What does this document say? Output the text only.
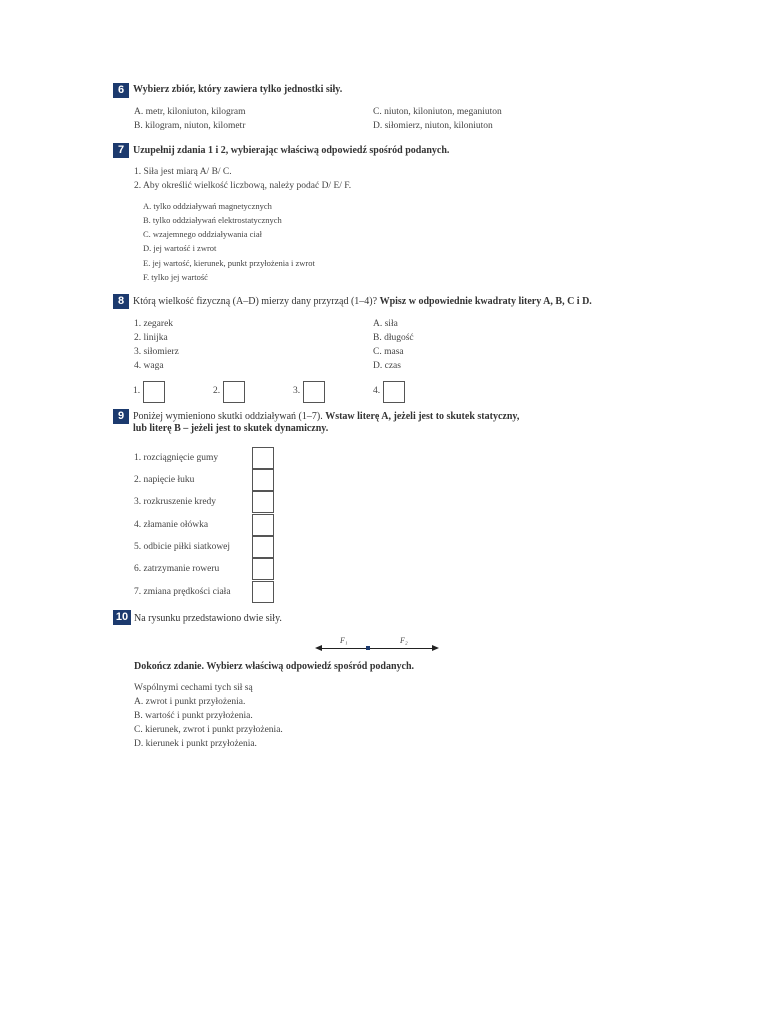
6 Wybierz zbiór, który zawiera tylko jednostki siły.
A. metr, kiloniuton, kilogram
B. kilogram, niuton, kilometr
C. niuton, kiloniuton, meganiuton
D. siłomierz, niuton, kiloniuton
7 Uzupełnij zdania 1 i 2, wybierając właściwą odpowiedź spośród podanych.
1. Siła jest miarą A/ B/ C.
2. Aby określić wielkość liczbową, należy podać D/ E/ F.
A. tylko oddziaływań magnetycznych
B. tylko oddziaływań elektrostatycznych
C. wzajemnego oddziaływania ciał
D. jej wartość i zwrot
E. jej wartość, kierunek, punkt przyłożenia i zwrot
F. tylko jej wartość
8 Którą wielkość fizyczną (A–D) mierzy dany przyrząd (1–4)? Wpisz w odpowiednie kwadraty litery A, B, C i D.
1. zegarek
2. linijka
3. siłomierz
4. waga
A. siła
B. długość
C. masa
D. czas
1.	2.	3.	4.
9 Poniżej wymieniono skutki oddziaływań (1–7). Wstaw literę A, jeżeli jest to skutek statyczny,
lub literę B – jeżeli jest to skutek dynamiczny.
1. rozciągnięcie gumy
2. napięcie łuku
3. rozkruszenie kredy
4. złamanie ołówka
5. odbicie piłki siatkowej
6. zatrzymanie roweru
7. zmiana prędkości ciała
10 Na rysunku przedstawiono dwie siły.
F₁	F₂
Dokończ zdanie. Wybierz właściwą odpowiedź spośród podanych.
Wspólnymi cechami tych sił są
A. zwrot i punkt przyłożenia.
B. wartość i punkt przyłożenia.
C. kierunek, zwrot i punkt przyłożenia.
D. kierunek i punkt przyłożenia.
